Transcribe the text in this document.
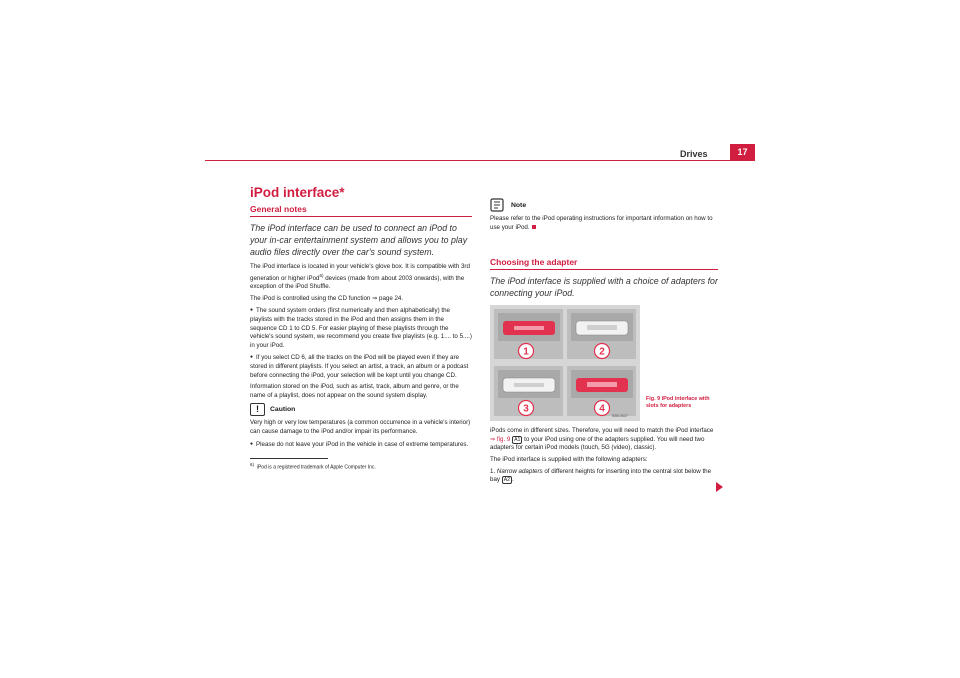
Drives	17
iPod interface*
General notes
The iPod interface can be used to connect an iPod to your in-car entertainment system and allows you to play audio files directly over the car's sound system.
The iPod interface is located in your vehicle's glove box. It is compatible with 3rd generation or higher iPod$^{6)}$ devices (made from about 2003 onwards), with the exception of the iPod Shuffle.
The iPod is controlled using the CD function ⇒ page 24.
● The sound system orders (first numerically and then alphabetically) the playlists with the tracks stored in the iPod and then assigns them in the sequence CD 1 to CD 5. For easier playing of these playlists through the vehicle's sound system, we recommend you create five playlists (e.g. 1.... to 5....) in your iPod.
● If you select CD 6, all the tracks on the iPod will be played even if they are stored in different playlists. If you select an artist, a track, an album or a podcast before connecting the iPod, your selection will be kept until you change CD.
Information stored on the iPod, such as artist, track, album and genre, or the name of a playlist, does not appear on the sound system display.
!	Caution
Very high or very low temperatures (a common occurrence in a vehicle's interior) can cause damage to the iPod and/or impair its performance.
● Please do not leave your iPod in the vehicle in case of extreme temperatures.
$^{6)}$  iPod is a registered trademark of Apple Computer Inc.
Note
Please refer to the iPod operating instructions for important information on how to use your iPod.
Choosing the adapter
The iPod interface is supplied with a choice of adapters for connecting your iPod.
1	2
3	4
B3B-0537
Fig. 9 iPod interface with slots for adapters
iPods come in different sizes. Therefore, you will need to match the iPod interface ⇒ fig. 9 A1 to your iPod using one of the adapters supplied. You will need two adapters for certain iPod models (touch, 5G (video), classic).
The iPod interface is supplied with the following adapters:
1. Narrow adapters of different heights for inserting into the central slot below the bay A2 .
